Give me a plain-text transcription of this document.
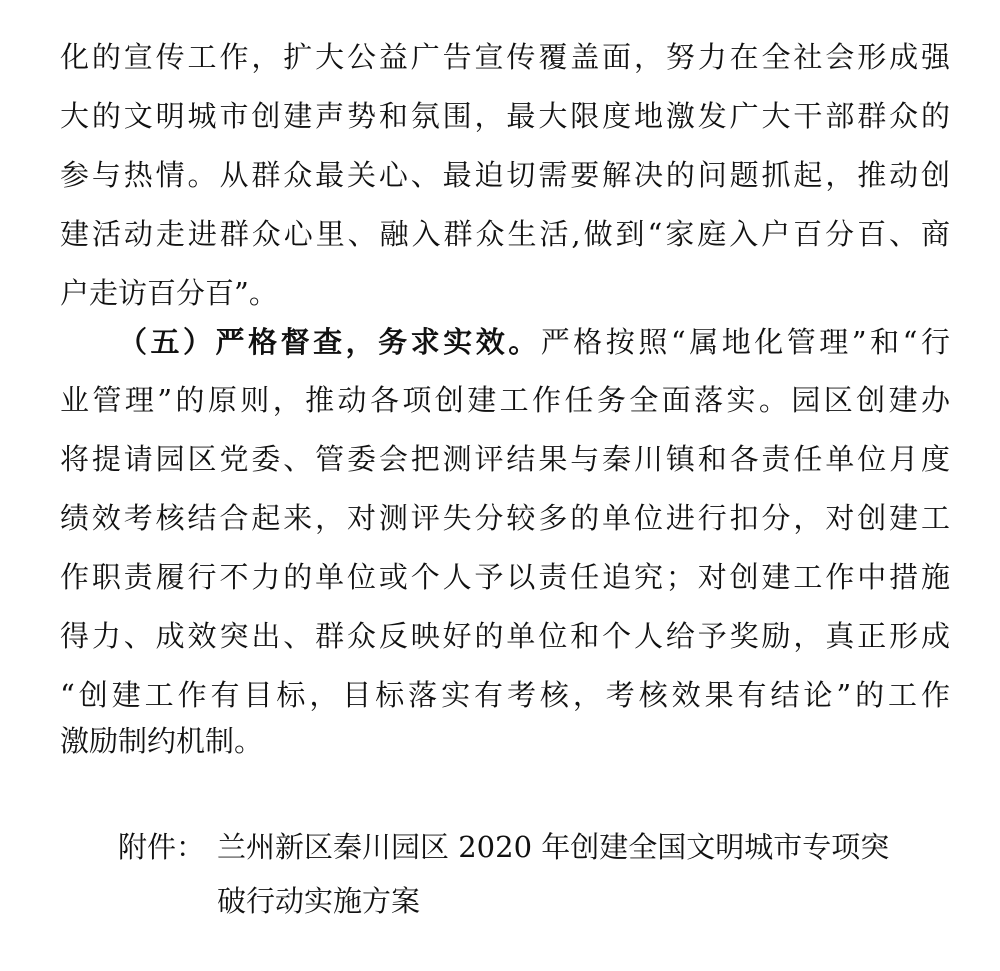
化的宣传工作，扩大公益广告宣传覆盖面，努力在全社会形成强
大的文明城市创建声势和氛围，最大限度地激发广大干部群众的
参与热情。从群众最关心、最迫切需要解决的问题抓起，推动创
建活动走进群众心里、融入群众生活,做到“家庭入户百分百、商
户走访百分百”。
（五）严格督查，务求实效。严格按照“属地化管理”和“行
业管理”的原则，推动各项创建工作任务全面落实。园区创建办
将提请园区党委、管委会把测评结果与秦川镇和各责任单位月度
绩效考核结合起来，对测评失分较多的单位进行扣分，对创建工
作职责履行不力的单位或个人予以责任追究；对创建工作中措施
得力、成效突出、群众反映好的单位和个人给予奖励，真正形成
“创建工作有目标，目标落实有考核，考核效果有结论”的工作
激励制约机制。
附件： 兰州新区秦川园区 2020 年创建全国文明城市专项突
破行动实施方案
